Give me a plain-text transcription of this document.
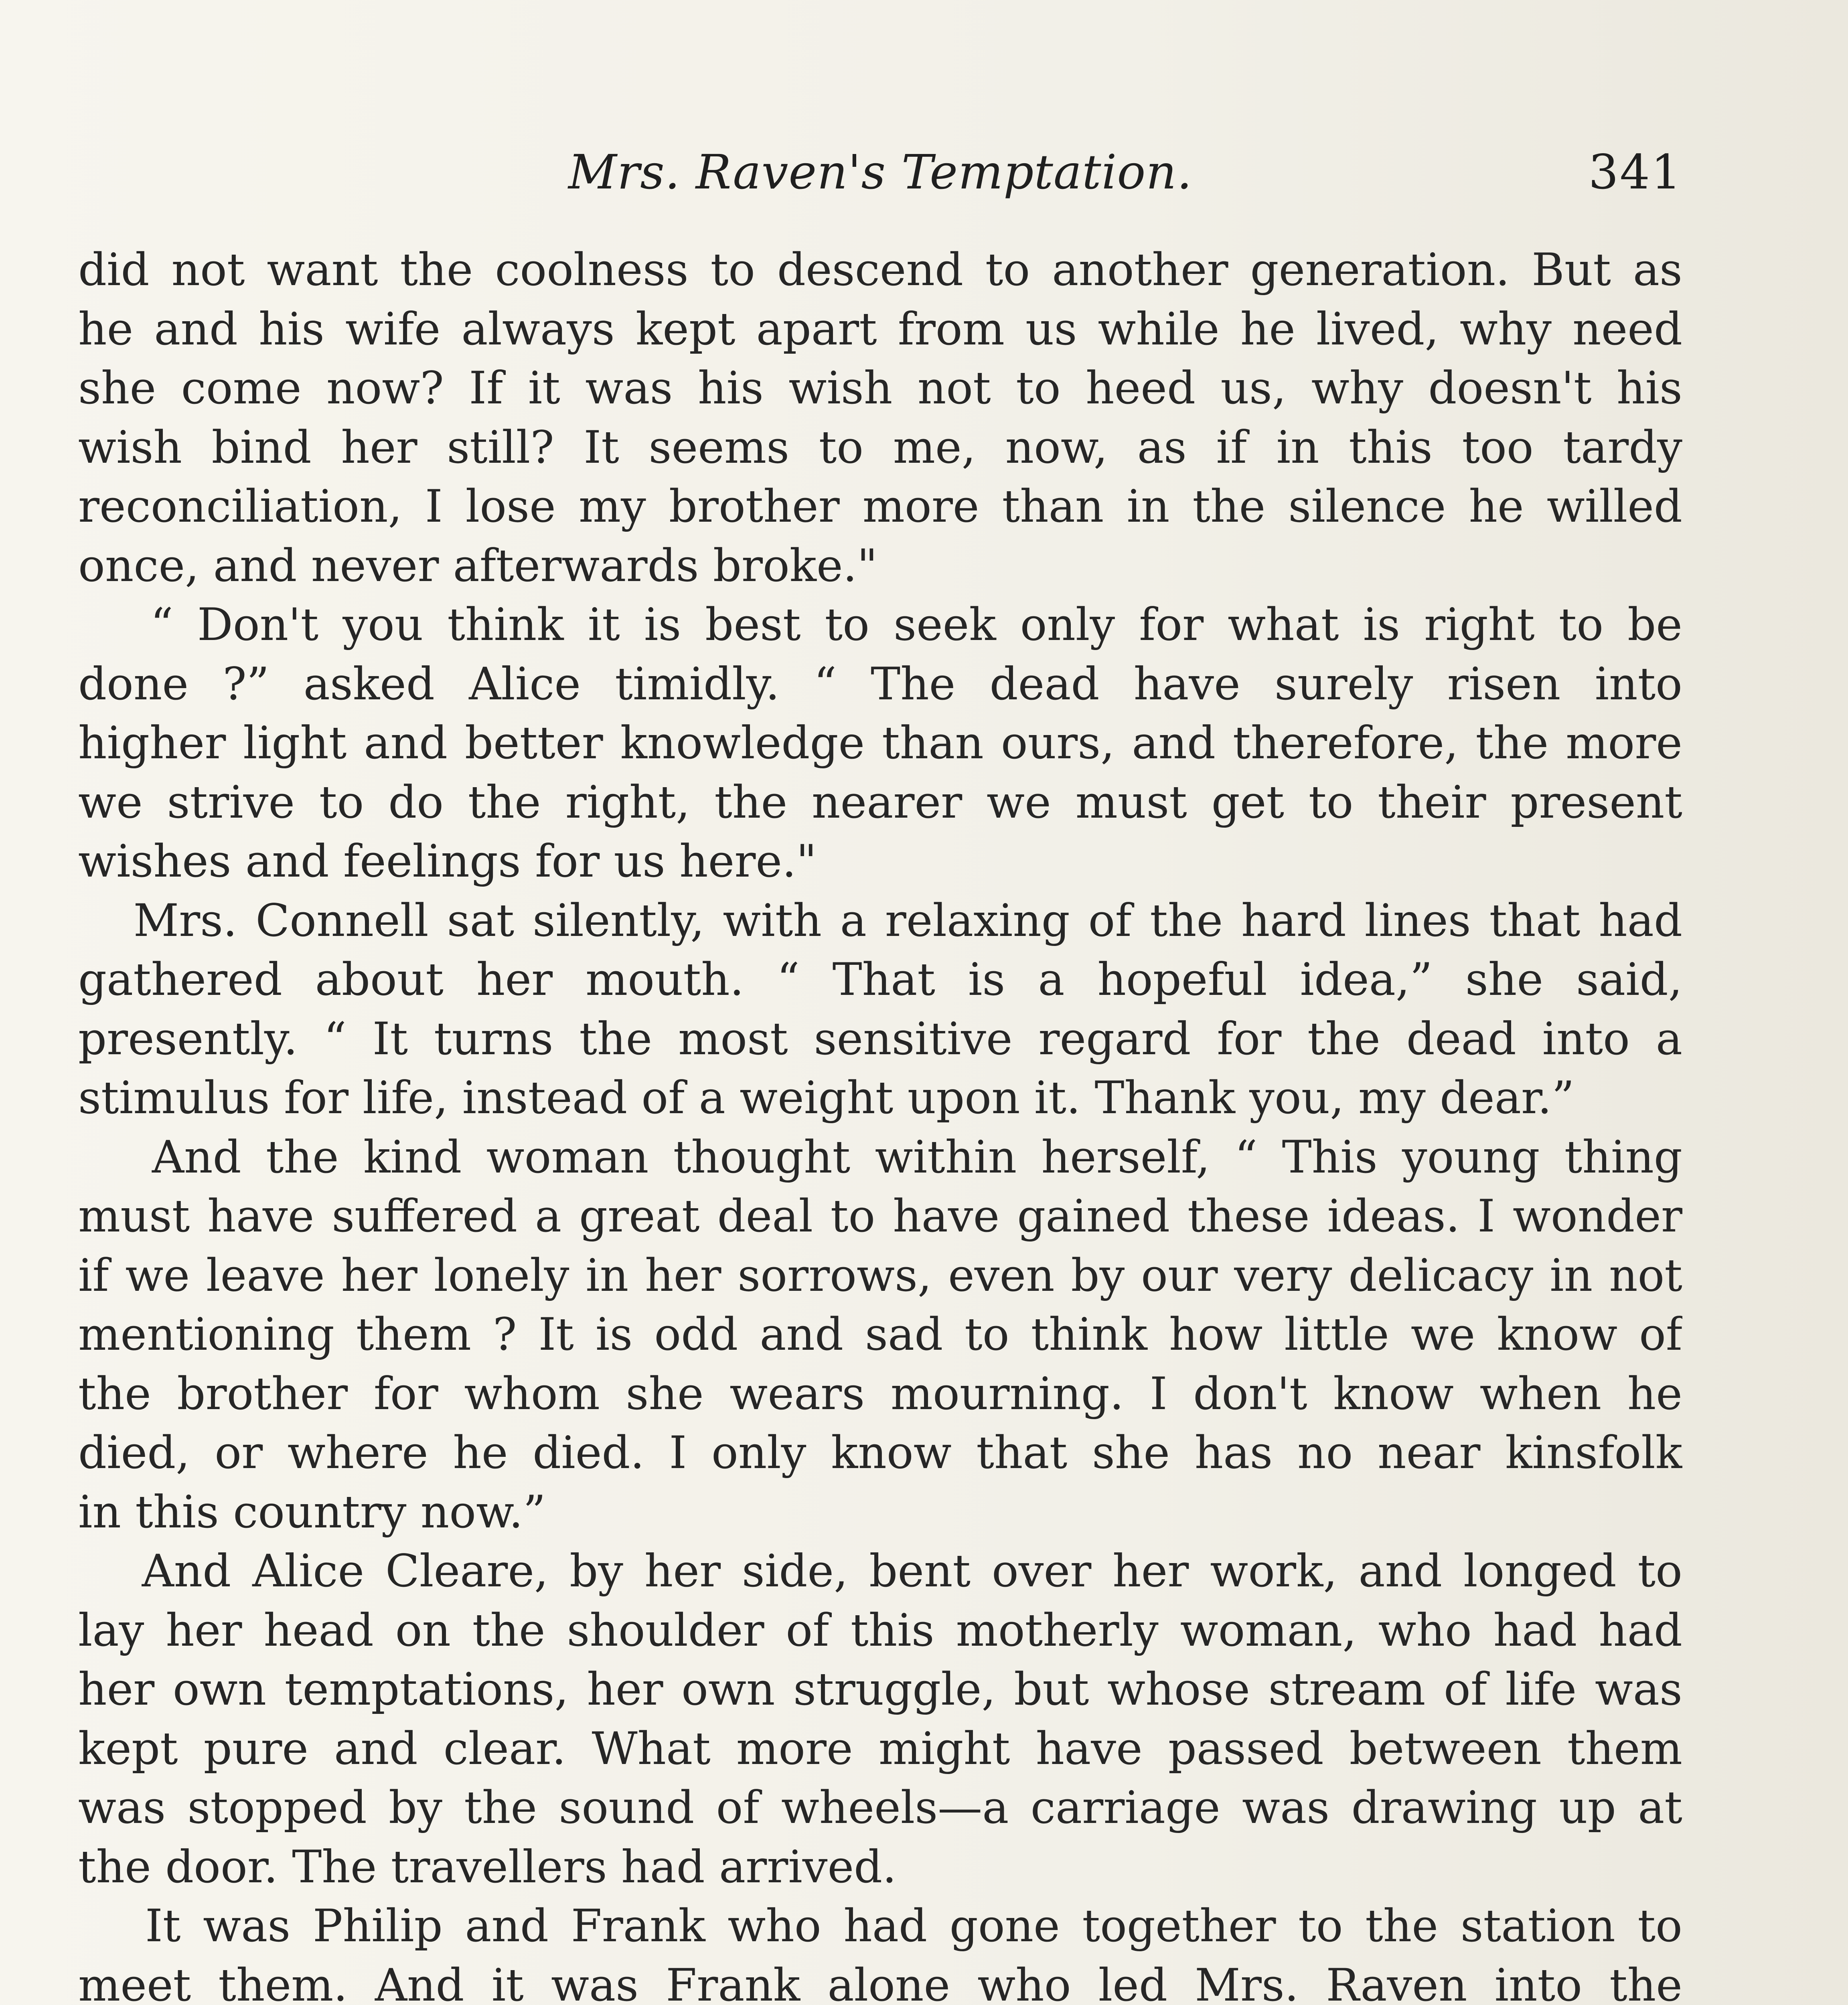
Mrs. Raven's Temptation.	341
did not want the coolness to descend to another generation. But as
he and his wife always kept apart from us while he lived, why need
she come now? If it was his wish not to heed us, why doesn't his
wish bind her still? It seems to me, now, as if in this too tardy
reconciliation, I lose my brother more than in the silence he willed
once, and never afterwards broke."
“ Don't you think it is best to seek only for what is right to be
done ?” asked Alice timidly. “ The dead have surely risen into
higher light and better knowledge than ours, and therefore, the more
we strive to do the right, the nearer we must get to their present
wishes and feelings for us here."
Mrs. Connell sat silently, with a relaxing of the hard lines that had
gathered about her mouth. “ That is a hopeful idea,” she said,
presently. “ It turns the most sensitive regard for the dead into a
stimulus for life, instead of a weight upon it. Thank you, my dear.”
And the kind woman thought within herself, “ This young thing
must have suffered a great deal to have gained these ideas. I wonder
if we leave her lonely in her sorrows, even by our very delicacy in not
mentioning them ? It is odd and sad to think how little we know of
the brother for whom she wears mourning. I don't know when he
died, or where he died. I only know that she has no near kinsfolk
in this country now.”
And Alice Cleare, by her side, bent over her work, and longed to
lay her head on the shoulder of this motherly woman, who had had
her own temptations, her own struggle, but whose stream of life was
kept pure and clear. What more might have passed between them
was stopped by the sound of wheels—a carriage was drawing up at
the door. The travellers had arrived.
It was Philip and Frank who had gone together to the station to
meet them. And it was Frank alone who led Mrs. Raven into the
